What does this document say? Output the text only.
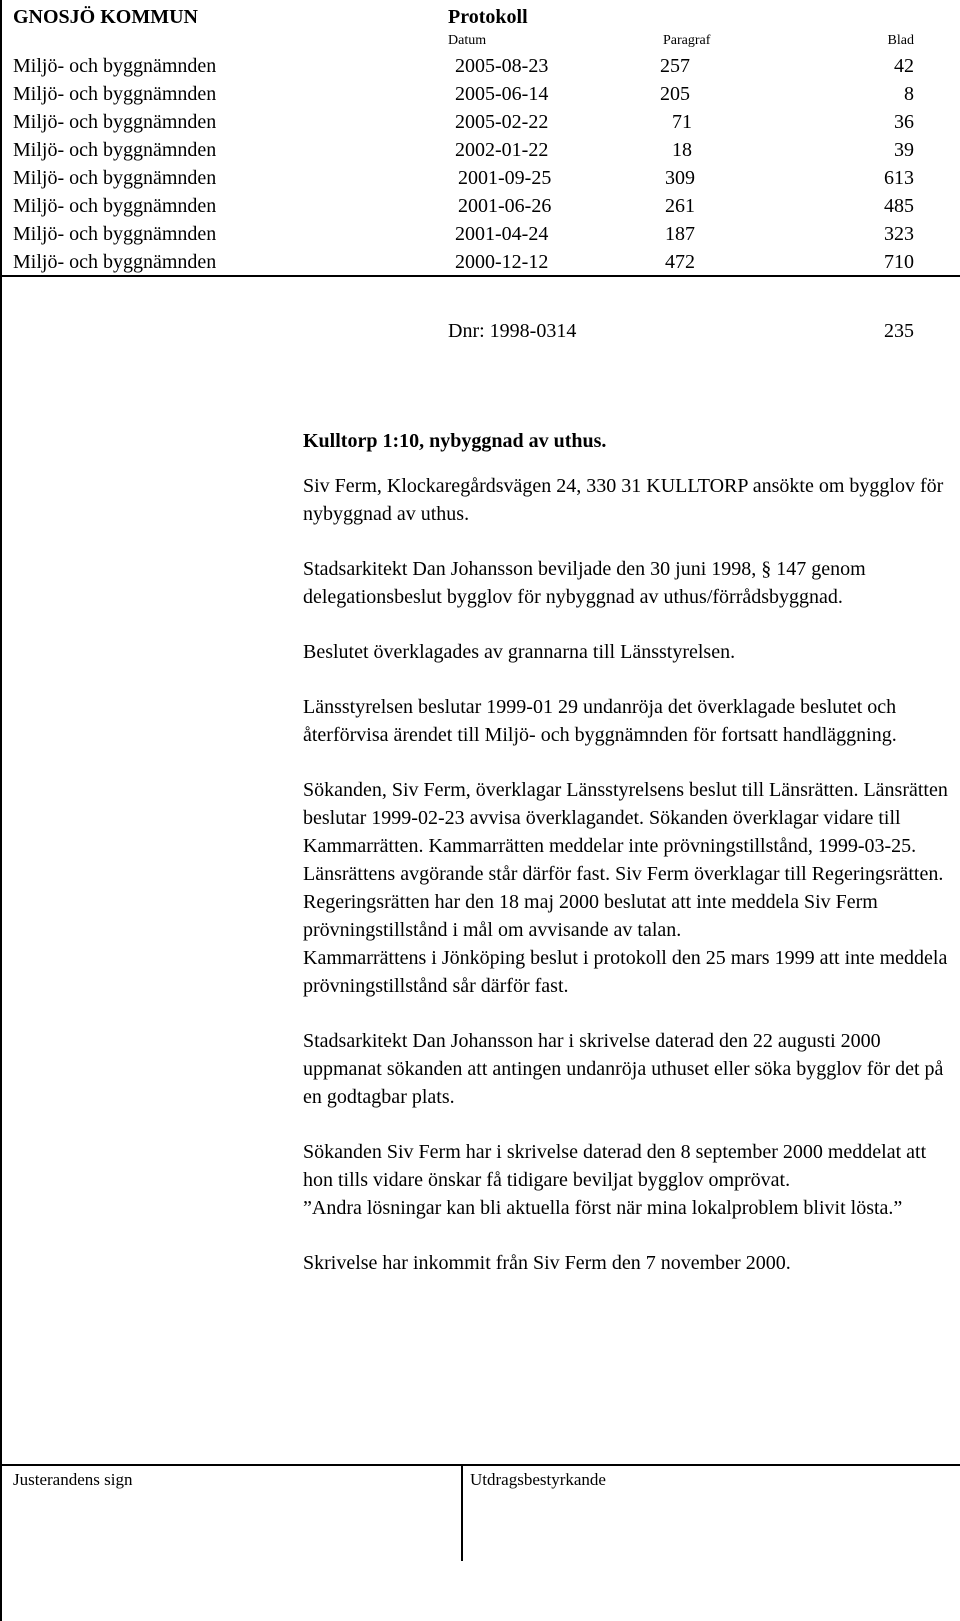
GNOSJÖ KOMMUN	Protokoll
Datum	Paragraf	Blad
Miljö- och byggnämnden	2005-08-23	257	42
Miljö- och byggnämnden	2005-06-14	205	8
Miljö- och byggnämnden	2005-02-22	71	36
Miljö- och byggnämnden	2002-01-22	18	39
Miljö- och byggnämnden	2001-09-25	309	613
Miljö- och byggnämnden	2001-06-26	261	485
Miljö- och byggnämnden	2001-04-24	187	323
Miljö- och byggnämnden	2000-12-12	472	710
Dnr: 1998-0314	235

Kulltorp 1:10, nybyggnad av uthus.

Siv Ferm, Klockaregårdsvägen 24, 330 31 KULLTORP ansökte om bygglov för nybyggnad av uthus.

Stadsarkitekt Dan Johansson beviljade den 30 juni 1998, § 147 genom delegationsbeslut bygglov för nybyggnad av uthus/förrådsbyggnad.

Beslutet överklagades av grannarna till Länsstyrelsen.

Länsstyrelsen beslutar 1999-01 29 undanröja det överklagade beslutet och återförvisa ärendet till Miljö- och byggnämnden för fortsatt handläggning.

Sökanden, Siv Ferm, överklagar Länsstyrelsens beslut till Länsrätten. Länsrätten beslutar 1999-02-23 avvisa överklagandet. Sökanden överklagar vidare till Kammarrätten. Kammarrätten meddelar inte prövningstillstånd, 1999-03-25. Länsrättens avgörande står därför fast. Siv Ferm överklagar till Regeringsrätten.

Regeringsrätten har den 18 maj 2000 beslutat att inte meddela Siv Ferm prövningstillstånd i mål om avvisande av talan.

Kammarrättens i Jönköping beslut i protokoll den 25 mars 1999 att inte meddela prövningstillstånd sår därför fast.

Stadsarkitekt Dan Johansson har i skrivelse daterad den 22 augusti 2000 uppmanat sökanden att antingen undanröja uthuset eller söka bygglov för det på en godtagbar plats.

Sökanden Siv Ferm har i skrivelse daterad den 8 september 2000 meddelat att hon tills vidare önskar få tidigare beviljat bygglov omprövat.

”Andra lösningar kan bli aktuella först när mina lokalproblem blivit lösta.”

Skrivelse har inkommit från Siv Ferm den 7 november 2000.

Justerandens sign	Utdragsbestyrkande
